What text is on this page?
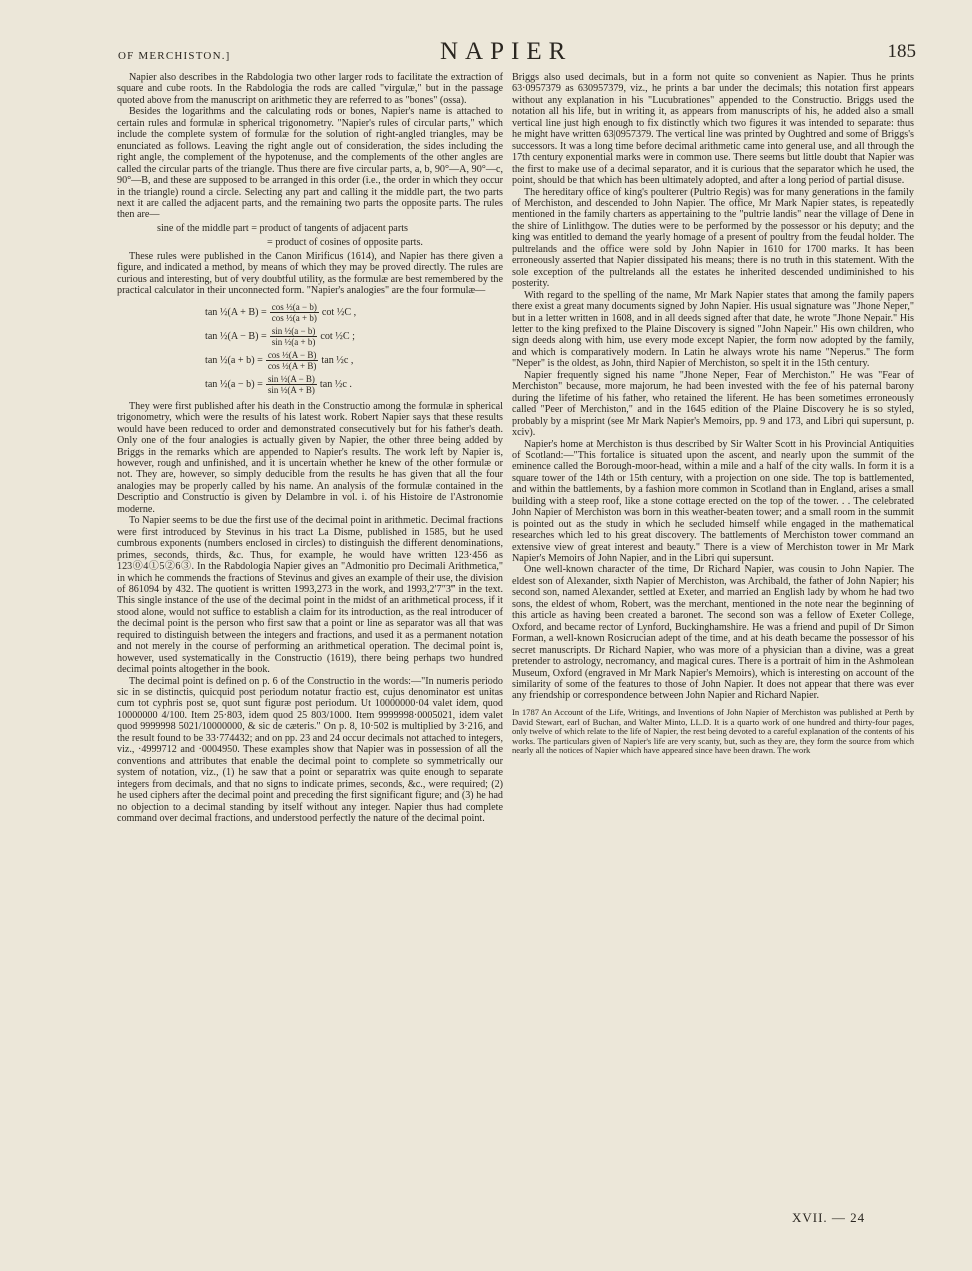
OF MERCHISTON.]	NAPIER	185

Napier also describes in the Rabdologia two other larger rods to facilitate the extraction of square and cube roots. In the Rabdologia the rods are called "virgulæ," but in the passage quoted above from the manuscript on arithmetic they are referred to as "bones" (ossa).

Besides the logarithms and the calculating rods or bones, Napier's name is attached to certain rules and formulæ in spherical trigonometry. "Napier's rules of circular parts," which include the complete system of formulæ for the solution of right-angled triangles, may be enunciated as follows. Leaving the right angle out of consideration, the sides including the right angle, the complement of the hypotenuse, and the complements of the other angles are called the circular parts of the triangle. Thus there are five circular parts, a, b, 90°—A, 90°—c, 90°—B, and these are supposed to be arranged in this order (i.e., the order in which they occur in the triangle) round a circle. Selecting any part and calling it the middle part, the two parts next it are called the adjacent parts, and the remaining two parts the opposite parts. The rules then are—

sine of the middle part = product of tangents of adjacent parts
= product of cosines of opposite parts.

These rules were published in the Canon Mirificus (1614), and Napier has there given a figure, and indicated a method, by means of which they may be proved directly. The rules are curious and interesting, but of very doubtful utility, as the formulæ are best remembered by the practical calculator in their unconnected form. "Napier's analogies" are the four formulæ—

tan ½(A + $B) = \frac{\text{cos ½(a − b)}}{\text{cos ½(a + b)}}$ cot ½C ,
tan ½(A − $B) = \frac{\text{sin ½(a − b)}}{\text{sin ½(a + b)}}$ cot ½C ;
tan ½(a + $b) = \frac{\text{cos ½(A − B)}}{\text{cos ½(A + B)}}$ tan ½c ,
tan ½(a − $b) = \frac{\text{sin ½(A − B)}}{\text{sin ½(A + B)}}$ tan ½c .

They were first published after his death in the Constructio among the formulæ in spherical trigonometry, which were the results of his latest work. Robert Napier says that these results would have been reduced to order and demonstrated consecutively but for his father's death. Only one of the four analogies is actually given by Napier, the other three being added by Briggs in the remarks which are appended to Napier's results. The work left by Napier is, however, rough and unfinished, and it is uncertain whether he knew of the other formulæ or not. They are, however, so simply deducible from the results he has given that all the four analogies may be properly called by his name. An analysis of the formulæ contained in the Descriptio and Constructio is given by Delambre in vol. i. of his Histoire de l'Astronomie moderne.

To Napier seems to be due the first use of the decimal point in arithmetic. Decimal fractions were first introduced by Stevinus in his tract La Disme, published in 1585, but he used cumbrous exponents (numbers enclosed in circles) to distinguish the different denominations, primes, seconds, thirds, &c. Thus, for example, he would have written 123·456 as 123⓪4①5②6③. In the Rabdologia Napier gives an "Admonitio pro Decimali Arithmetica," in which he commends the fractions of Stevinus and gives an example of their use, the division of 861094 by 432. The quotient is written 1993,273 in the work, and 1993,2′7″3‴ in the text. This single instance of the use of the decimal point in the midst of an arithmetical process, if it stood alone, would not suffice to establish a claim for its introduction, as the real introducer of the decimal point is the person who first saw that a point or line as separator was all that was required to distinguish between the integers and fractions, and used it as a permanent notation and not merely in the course of performing an arithmetical operation. The decimal point is, however, used systematically in the Constructio (1619), there being perhaps two hundred decimal points altogether in the book.

The decimal point is defined on p. 6 of the Constructio in the words:—"In numeris periodo sic in se distinctis, quicquid post periodum notatur fractio est, cujus denominator est unitas cum tot cyphris post se, quot sunt figuræ post periodum. Ut 10000000·04 valet idem, quod 10000000 4/100. Item 25·803, idem quod 25 803/1000. Item 9999998·0005021, idem valet quod 9999998 5021/10000000, & sic de cæteris." On p. 8, 10·502 is multiplied by 3·216, and the result found to be 33·774432; and on pp. 23 and 24 occur decimals not attached to integers, viz., ·4999712 and ·0004950. These examples show that Napier was in possession of all the conventions and attributes that enable the decimal point to complete so symmetrically our system of notation, viz., (1) he saw that a point or separatrix was quite enough to separate integers from decimals, and that no signs to indicate primes, seconds, &c., were required; (2) he used ciphers after the decimal point and preceding the first significant figure; and (3) he had no objection to a decimal standing by itself without any integer. Napier thus had complete command over decimal fractions, and understood perfectly the nature of the decimal point.

Briggs also used decimals, but in a form not quite so convenient as Napier. Thus he prints 63·0957379 as 630957379, viz., he prints a bar under the decimals; this notation first appears without any explanation in his "Lucubrationes" appended to the Constructio. Briggs used the notation all his life, but in writing it, as appears from manuscripts of his, he added also a small vertical line just high enough to fix distinctly which two figures it was intended to separate: thus he might have written 63|0957379. The vertical line was printed by Oughtred and some of Briggs's successors. It was a long time before decimal arithmetic came into general use, and all through the 17th century exponential marks were in common use. There seems but little doubt that Napier was the first to make use of a decimal separator, and it is curious that the separator which he used, the point, should be that which has been ultimately adopted, and after a long period of partial disuse.

The hereditary office of king's poulterer (Pultrio Regis) was for many generations in the family of Merchiston, and descended to John Napier. The office, Mr Mark Napier states, is repeatedly mentioned in the family charters as appertaining to the "pultrie landis" near the village of Dene in the shire of Linlithgow. The duties were to be performed by the possessor or his deputy; and the king was entitled to demand the yearly homage of a present of poultry from the feudal holder. The pultrelands and the office were sold by John Napier in 1610 for 1700 marks. It has been erroneously asserted that Napier dissipated his means; there is no truth in this statement. With the sole exception of the pultrelands all the estates he inherited descended undiminished to his posterity.

With regard to the spelling of the name, Mr Mark Napier states that among the family papers there exist a great many documents signed by John Napier. His usual signature was "Jhone Neper," but in a letter written in 1608, and in all deeds signed after that date, he wrote "Jhone Nepair." His letter to the king prefixed to the Plaine Discovery is signed "John Napeir." His own children, who sign deeds along with him, use every mode except Napier, the form now adopted by the family, and which is comparatively modern. In Latin he always wrote his name "Neperus." The form "Neper" is the oldest, as John, third Napier of Merchiston, so spelt it in the 15th century.

Napier frequently signed his name "Jhone Neper, Fear of Merchiston." He was "Fear of Merchiston" because, more majorum, he had been invested with the fee of his paternal barony during the lifetime of his father, who retained the liferent. He has been sometimes erroneously called "Peer of Merchiston," and in the 1645 edition of the Plaine Discovery he is so styled, probably by a misprint (see Mr Mark Napier's Memoirs, pp. 9 and 173, and Libri qui supersunt, p. xciv).

Napier's home at Merchiston is thus described by Sir Walter Scott in his Provincial Antiquities of Scotland:—"This fortalice is situated upon the ascent, and nearly upon the summit of the eminence called the Borough-moor-head, within a mile and a half of the city walls. In form it is a square tower of the 14th or 15th century, with a projection on one side. The top is battlemented, and within the battlements, by a fashion more common in Scotland than in England, arises a small building with a steep roof, like a stone cottage erected on the top of the tower. . . The celebrated John Napier of Merchiston was born in this weather-beaten tower; and a small room in the summit is pointed out as the study in which he secluded himself while engaged in the mathematical researches which led to his great discovery. The battlements of Merchiston tower command an extensive view of great interest and beauty." There is a view of Merchiston tower in Mr Mark Napier's Memoirs of John Napier, and in the Libri qui supersunt.

One well-known character of the time, Dr Richard Napier, was cousin to John Napier. The eldest son of Alexander, sixth Napier of Merchiston, was Archibald, the father of John Napier; his second son, named Alexander, settled at Exeter, and married an English lady by whom he had two sons, the eldest of whom, Robert, was the merchant, mentioned in the note near the beginning of this article as having been created a baronet. The second son was a fellow of Exeter College, Oxford, and became rector of Lynford, Buckinghamshire. He was a friend and pupil of Dr Simon Forman, a well-known Rosicrucian adept of the time, and at his death became the possessor of his secret manuscripts. Dr Richard Napier, who was more of a physician than a divine, was a great pretender to astrology, necromancy, and magical cures. There is a portrait of him in the Ashmolean Museum, Oxford (engraved in Mr Mark Napier's Memoirs), which is interesting on account of the similarity of some of the features to those of John Napier. It does not appear that there was ever any friendship or correspondence between John Napier and Richard Napier.

In 1787 An Account of the Life, Writings, and Inventions of John Napier of Merchiston was published at Perth by David Stewart, earl of Buchan, and Walter Minto, LL.D. It is a quarto work of one hundred and thirty-four pages, only twelve of which relate to the life of Napier, the rest being devoted to a careful explanation of the contents of his works. The particulars given of Napier's life are very scanty, but, such as they are, they form the source from which nearly all the notices of Napier which have appeared since have been drawn. The work
XVII. — 24
